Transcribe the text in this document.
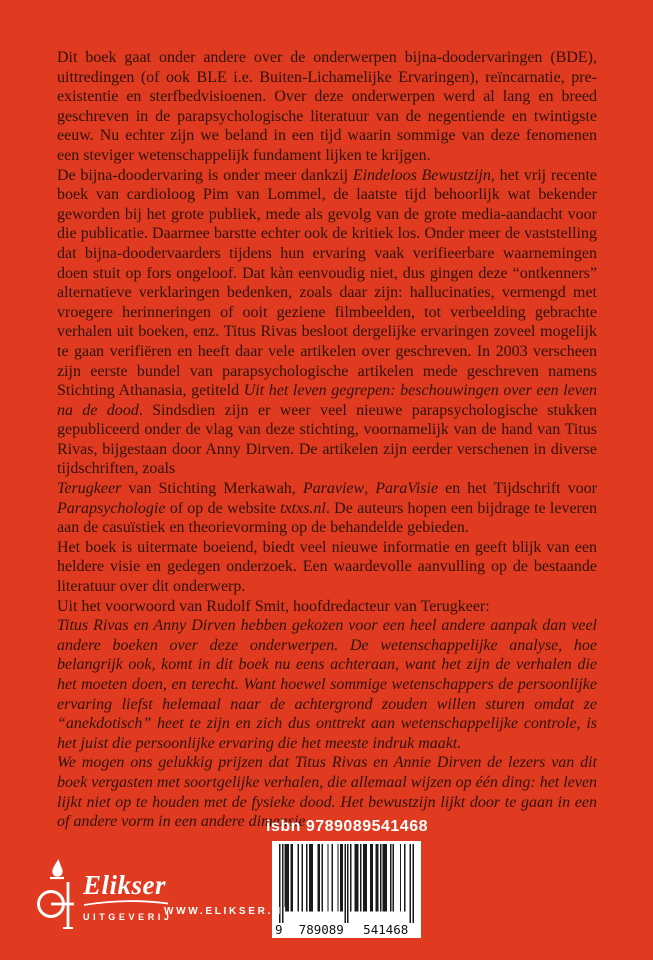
Dit boek gaat onder andere over de onderwerpen bijna-doodervaringen (BDE), uittredingen (of ook BLE i.e. Buiten-Lichamelijke Ervaringen), reïncarnatie, pre-existentie en sterfbedvisioenen. Over deze onderwerpen werd al lang en breed geschreven in de parapsychologische literatuur van de negentiende en twintigste eeuw. Nu echter zijn we beland in een tijd waarin sommige van deze fenomenen een steviger wetenschappelijk fundament lijken te krijgen.

De bijna-doodervaring is onder meer dankzij Eindeloos Bewustzijn, het vrij recente boek van cardioloog Pim van Lommel, de laatste tijd behoorlijk wat bekender geworden bij het grote publiek, mede als gevolg van de grote media-aandacht voor die publicatie. Daarmee barstte echter ook de kritiek los. Onder meer de vaststelling dat bijna-doodervaarders tijdens hun ervaring vaak verifieerbare waarnemingen doen stuit op fors ongeloof. Dat kàn eenvoudig niet, dus gingen deze “ontkenners” alternatieve verklaringen bedenken, zoals daar zijn: hallucinaties, vermengd met vroegere herinneringen of ooit geziene filmbeelden, tot verbeelding gebrachte verhalen uit boeken, enz. Titus Rivas besloot dergelijke ervaringen zoveel mogelijk te gaan verifiëren en heeft daar vele artikelen over geschreven. In 2003 verscheen zijn eerste bundel van parapsychologische artikelen mede geschreven namens Stichting Athanasia, getiteld Uit het leven gegrepen: beschouwingen over een leven na de dood. Sindsdien zijn er weer veel nieuwe parapsychologische stukken gepubliceerd onder de vlag van deze stichting, voornamelijk van de hand van Titus Rivas, bijgestaan door Anny Dirven. De artikelen zijn eerder verschenen in diverse tijdschriften, zoals

Terugkeer van Stichting Merkawah, Paraview, ParaVisie en het Tijdschrift voor Parapsychologie of op de website txtxs.nl. De auteurs hopen een bijdrage te leveren aan de casuïstiek en theorievorming op de behandelde gebieden.

Het boek is uitermate boeiend, biedt veel nieuwe informatie en geeft blijk van een heldere visie en gedegen onderzoek. Een waardevolle aanvulling op de bestaande literatuur over dit onderwerp.

Uit het voorwoord van Rudolf Smit, hoofdredacteur van Terugkeer:

Titus Rivas en Anny Dirven hebben gekozen voor een heel andere aanpak dan veel andere boeken over deze onderwerpen. De wetenschappelijke analyse, hoe belangrijk ook, komt in dit boek nu eens achteraan, want het zijn de verhalen die het moeten doen, en terecht. Want hoewel sommige wetenschappers de persoonlijke ervaring liefst helemaal naar de achtergrond zouden willen sturen omdat ze “anekdotisch” heet te zijn en zich dus onttrekt aan wetenschappelijke controle, is het juist die persoonlijke ervaring die het meeste indruk maakt.

We mogen ons gelukkig prijzen dat Titus Rivas en Annie Dirven de lezers van dit boek vergasten met soortgelijke verhalen, die allemaal wijzen op één ding: het leven lijkt niet op te houden met de fysieke dood. Het bewustzijn lijkt door te gaan in een of andere vorm in een andere dimensie.

isbn 9789089541468
9	789089	541468
Elikser
UITGEVERIJ
WWW.ELIKSER.NL
